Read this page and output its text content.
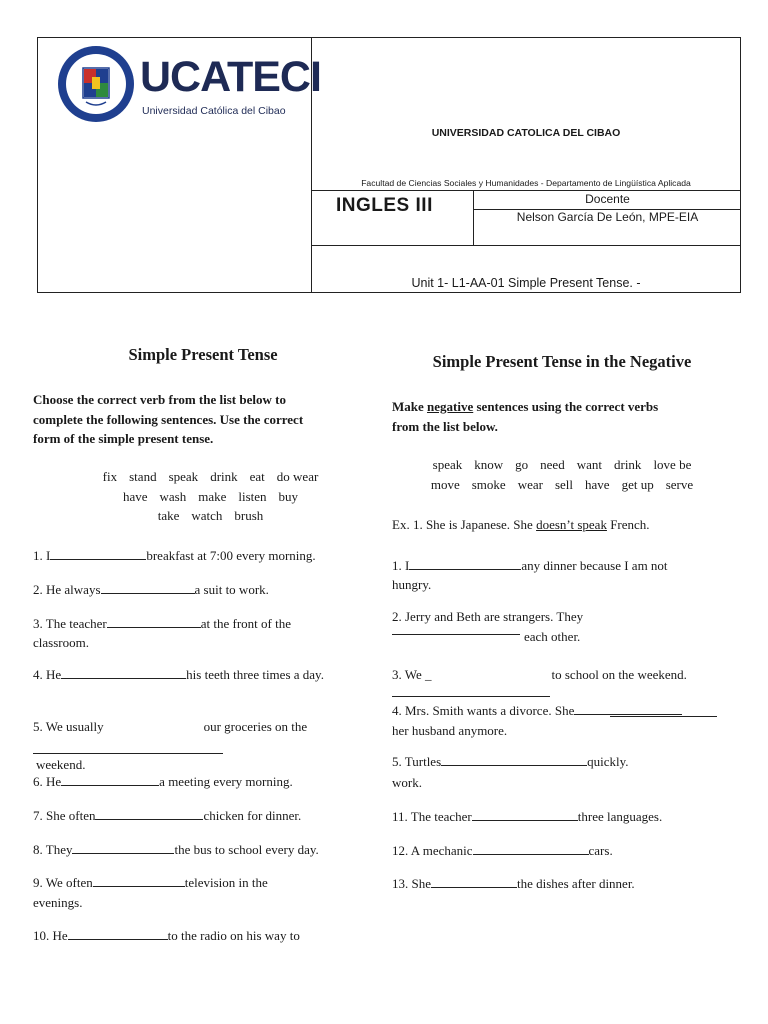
UCATECI
Universidad Católica del Cibao
UNIVERSIDAD CATOLICA DEL CIBAO
Facultad de Ciencias Sociales y Humanidades - Departamento de Lingüística Aplicada
INGLES III	Docente
Nelson García De León, MPE-EIA
Unit 1- L1-AA-01 Simple Present Tense. -
Simple Present Tense
Choose the correct verb from the list below to
complete the following sentences. Use the correct
form of the simple present tense.
fix stand speak drink eat do wear
have wash make listen buy
take watch brush
1. I	breakfast at 7:00 every morning.
2. He always	a suit to work.
3. The teacher	at the front of the
classroom.
4. He	his teeth three times a day.
5. We usually	our groceries on the
weekend.
6. He	a meeting every morning.
7. She often	chicken for dinner.
8. They	the bus to school every day.
9. We often	television in the
evenings.
10. He	to the radio on his way to
Simple Present Tense in the Negative
Make negative sentences using the correct verbs
from the list below.
speak know go need want drink love be
move smoke wear sell have get up serve
Ex. 1. She is Japanese. She doesn’t speak French.
1. I	any dinner because I am not
hungry.
2. Jerry and Beth are strangers. They
each other.
3. We _	to school on the weekend.
4. Mrs. Smith wants a divorce. She
her husband anymore.
5. Turtles	quickly.
work.
11. The teacher	three languages.
12. A mechanic	cars.
13. She	the dishes after dinner.
